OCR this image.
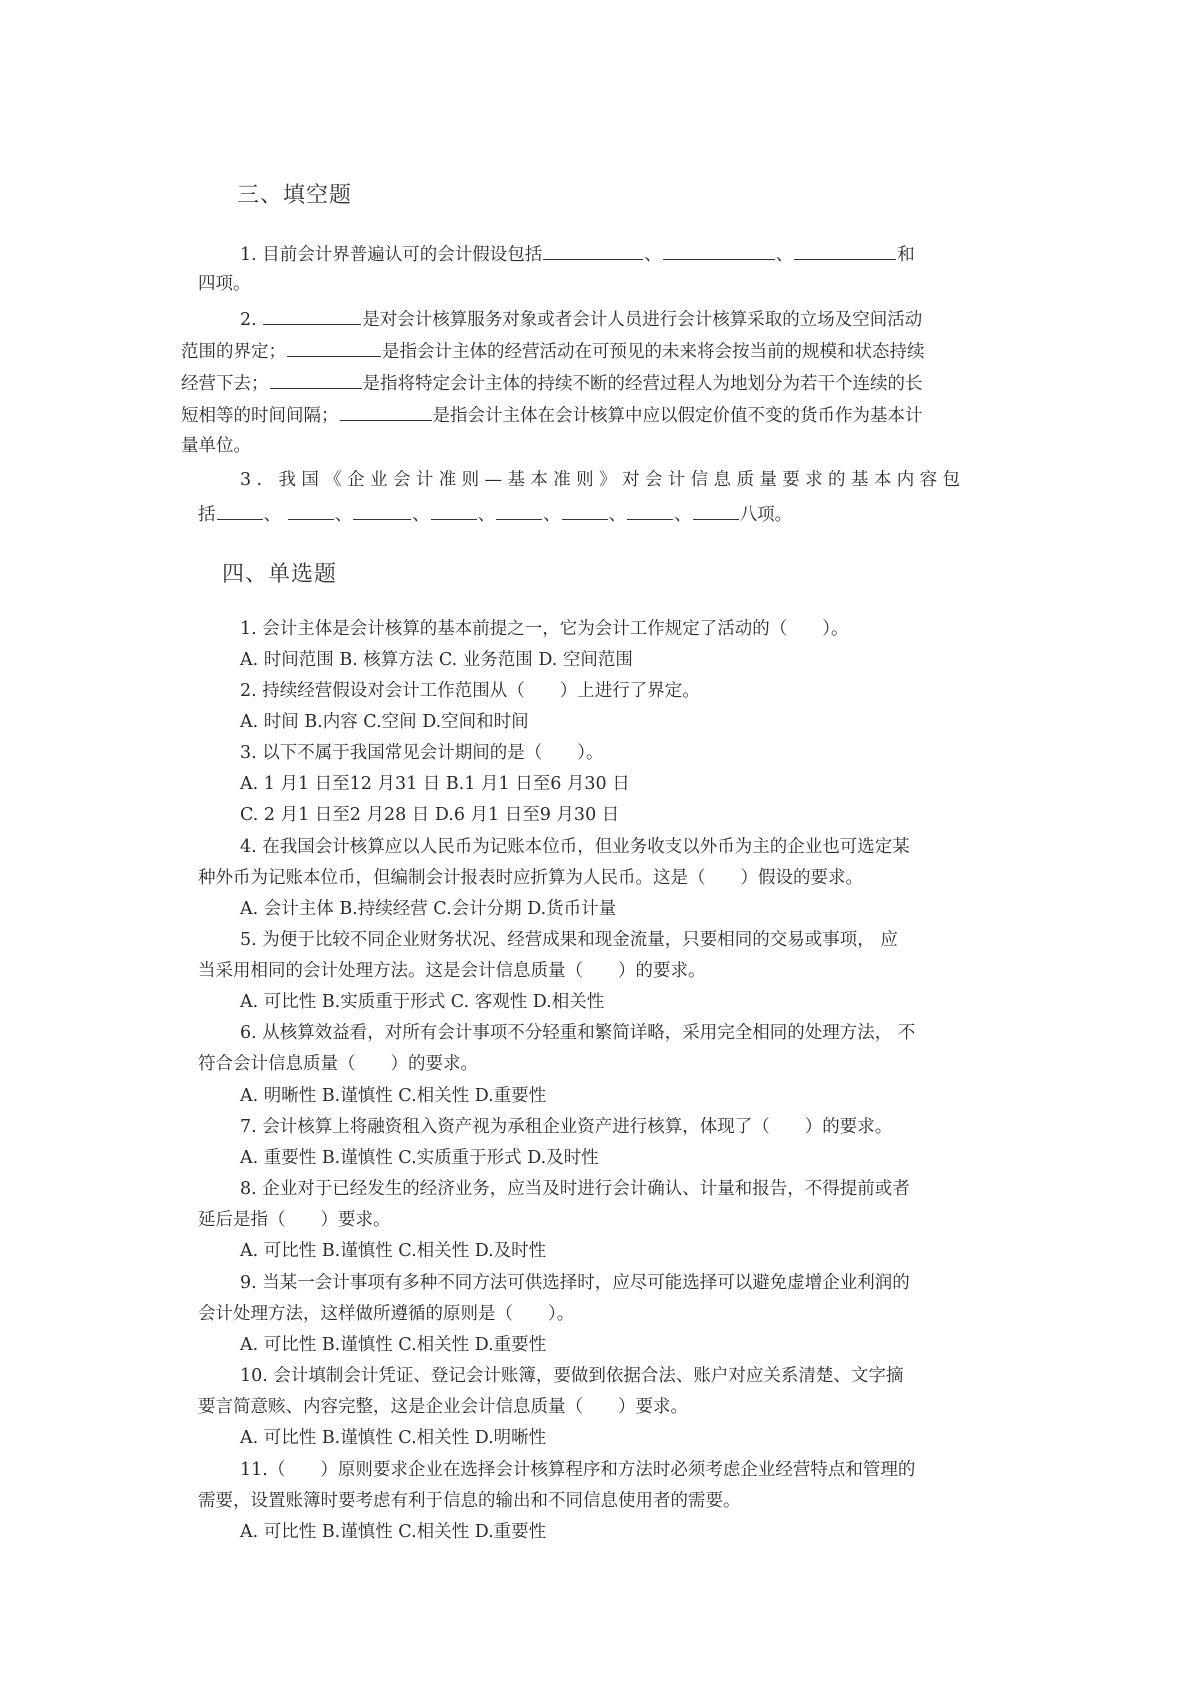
三、填空题
1. 目前会计界普遍认可的会计假设包括	、	、	和
四项。
2.	是对会计核算服务对象或者会计人员进行会计核算采取的立场及空间活动
范围的界定；	是指会计主体的经营活动在可预见的未来将会按当前的规模和状态持续
经营下去；	是指将特定会计主体的持续不断的经营过程人为地划分为若干个连续的长
短相等的时间间隔；	是指会计主体在会计核算中应以假定价值不变的货币作为基本计
量单位。
3. 我国《企业会计准则—基本准则》对会计信息质量要求的基本内容包
括	、	、	、	、	、	、	、	八项。
四、单选题
1. 会计主体是会计核算的基本前提之一，它为会计工作规定了活动的（　　）。
A. 时间范围 B. 核算方法 C. 业务范围 D. 空间范围
2. 持续经营假设对会计工作范围从（　　）上进行了界定。
A. 时间 B.内容 C.空间 D.空间和时间
3. 以下不属于我国常见会计期间的是（　　）。
A. 1 月1 日至12 月31 日 B.1 月1 日至6 月30 日
C. 2 月1 日至2 月28 日 D.6 月1 日至9 月30 日
4. 在我国会计核算应以人民币为记账本位币，但业务收支以外币为主的企业也可选定某
种外币为记账本位币，但编制会计报表时应折算为人民币。这是（　　）假设的要求。
A. 会计主体 B.持续经营 C.会计分期 D.货币计量
5. 为便于比较不同企业财务状况、经营成果和现金流量，只要相同的交易或事项， 应
当采用相同的会计处理方法。这是会计信息质量（　　）的要求。
A. 可比性 B.实质重于形式 C. 客观性 D.相关性
6. 从核算效益看，对所有会计事项不分轻重和繁简详略，采用完全相同的处理方法， 不
符合会计信息质量（　　）的要求。
A. 明晰性 B.谨慎性 C.相关性 D.重要性
7. 会计核算上将融资租入资产视为承租企业资产进行核算，体现了（　　）的要求。
A. 重要性 B.谨慎性 C.实质重于形式 D.及时性
8. 企业对于已经发生的经济业务，应当及时进行会计确认、计量和报告，不得提前或者
延后是指（　　）要求。
A. 可比性 B.谨慎性 C.相关性 D.及时性
9. 当某一会计事项有多种不同方法可供选择时，应尽可能选择可以避免虚增企业利润的
会计处理方法，这样做所遵循的原则是（　　）。
A. 可比性 B.谨慎性 C.相关性 D.重要性
10. 会计填制会计凭证、登记会计账簿，要做到依据合法、账户对应关系清楚、文字摘
要言简意赅、内容完整，这是企业会计信息质量（　　）要求。
A. 可比性 B.谨慎性 C.相关性 D.明晰性
11.（　　）原则要求企业在选择会计核算程序和方法时必须考虑企业经营特点和管理的
需要，设置账簿时要考虑有利于信息的输出和不同信息使用者的需要。
A. 可比性 B.谨慎性 C.相关性 D.重要性
